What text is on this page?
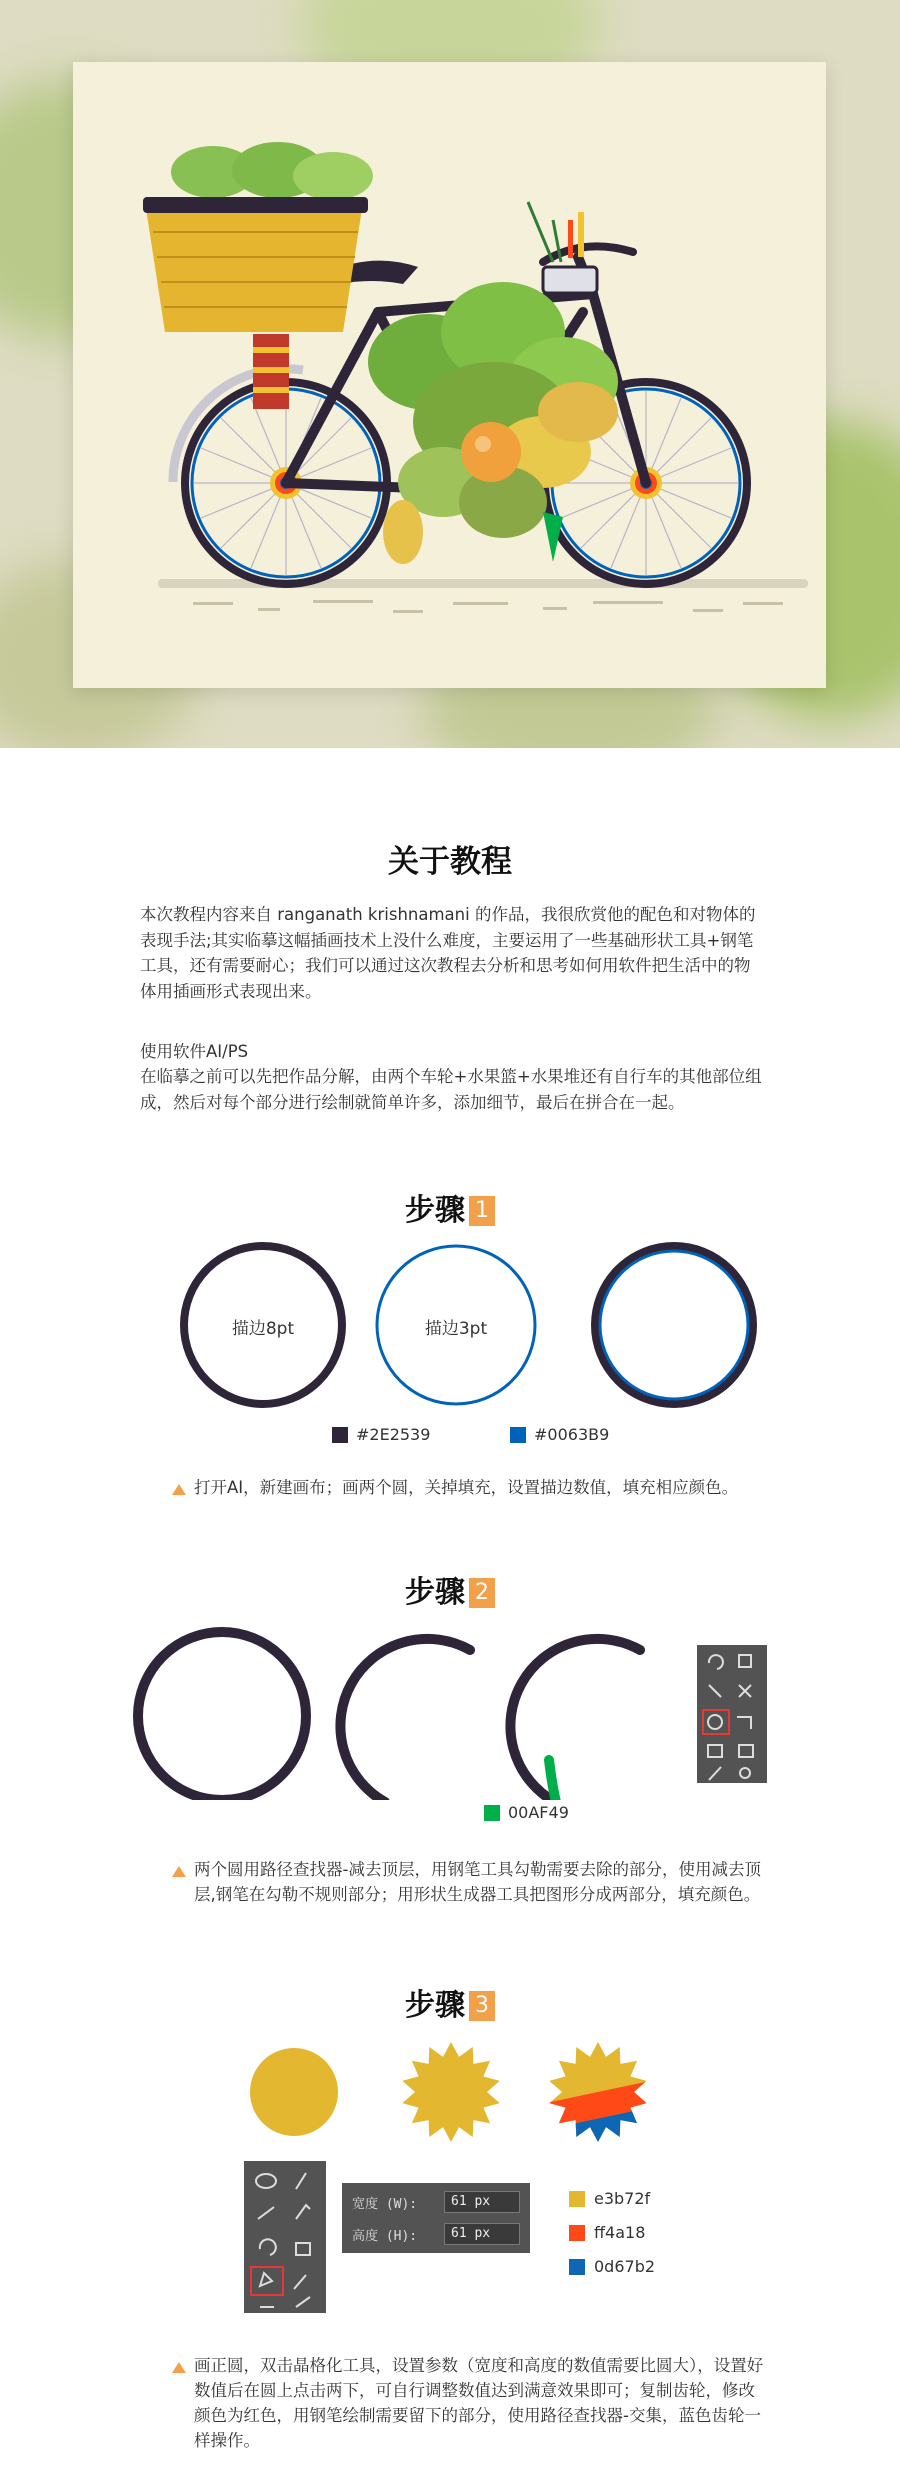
关于教程

本次教程内容来自 ranganath krishnamani 的作品，我很欣赏他的配色和对物体的表现手法;其实临摹这幅插画技术上没什么难度，主要运用了一些基础形状工具+钢笔工具，还有需要耐心；我们可以通过这次教程去分析和思考如何用软件把生活中的物体用插画形式表现出来。

使用软件AI/PS

在临摹之前可以先把作品分解，由两个车轮+水果篮+水果堆还有自行车的其他部位组成，然后对每个部分进行绘制就简单许多，添加细节，最后在拼合在一起。

步骤 1
描边8pt	描边3pt
#2E2539	#0063B9

打开AI，新建画布；画两个圆，关掉填充，设置描边数值，填充相应颜色。

步骤 2
00AF49

两个圆用路径查找器-减去顶层，用钢笔工具勾勒需要去除的部分，使用减去顶层,钢笔在勾勒不规则部分；用形状生成器工具把图形分成两部分，填充颜色。

步骤 3
宽度 (W):	61 px
高度 (H):	61 px
e3b72f
ff4a18
0d67b2

画正圆，双击晶格化工具，设置参数（宽度和高度的数值需要比圆大），设置好数值后在圆上点击两下，可自行调整数值达到满意效果即可；复制齿轮，修改颜色为红色，用钢笔绘制需要留下的部分，使用路径查找器-交集，蓝色齿轮一样操作。
